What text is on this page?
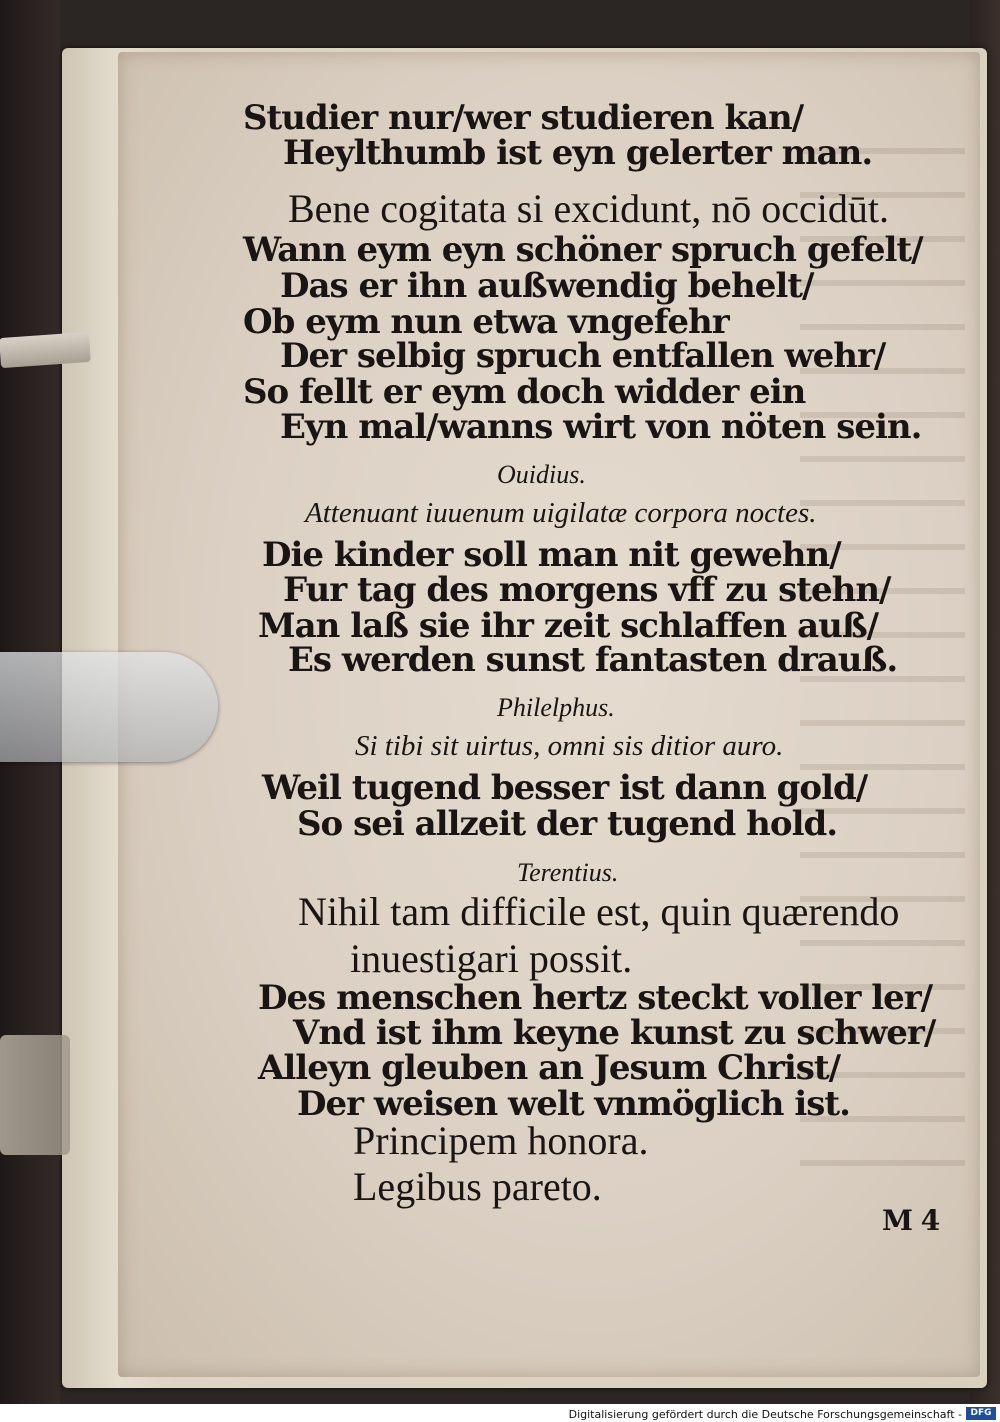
Studier nur/wer studieren kan/

Heylthumb ist eyn gelerter man.

Bene cogitata si excidunt, nō occidūt.

Wann eym eyn schöner spruch gefelt/

Das er ihn außwendig behelt/

Ob eym nun etwa vngefehr

Der selbig spruch entfallen wehr/

So fellt er eym doch widder ein

Eyn mal/wanns wirt von nöten sein.

Ouidius.

Attenuant iuuenum uigilatæ corpora noctes.

Die kinder soll man nit gewehn/

Fur tag des morgens vff zu stehn/

Man laß sie ihr zeit schlaffen auß/

Es werden sunst fantasten drauß.

Philelphus.

Si tibi sit uirtus, omni sis ditior auro.

Weil tugend besser ist dann gold/

So sei allzeit der tugend hold.

Terentius.

Nihil tam difficile est, quin quærendo

inuestigari possit.

Des menschen hertz steckt voller ler/

Vnd ist ihm keyne kunst zu schwer/

Alleyn gleuben an Jesum Christ/

Der weisen welt vnmöglich ist.

Principem honora.

Legibus pareto.

M 4

Digitalisierung gefördert durch die Deutsche Forschungsgemeinschaft - DFG
